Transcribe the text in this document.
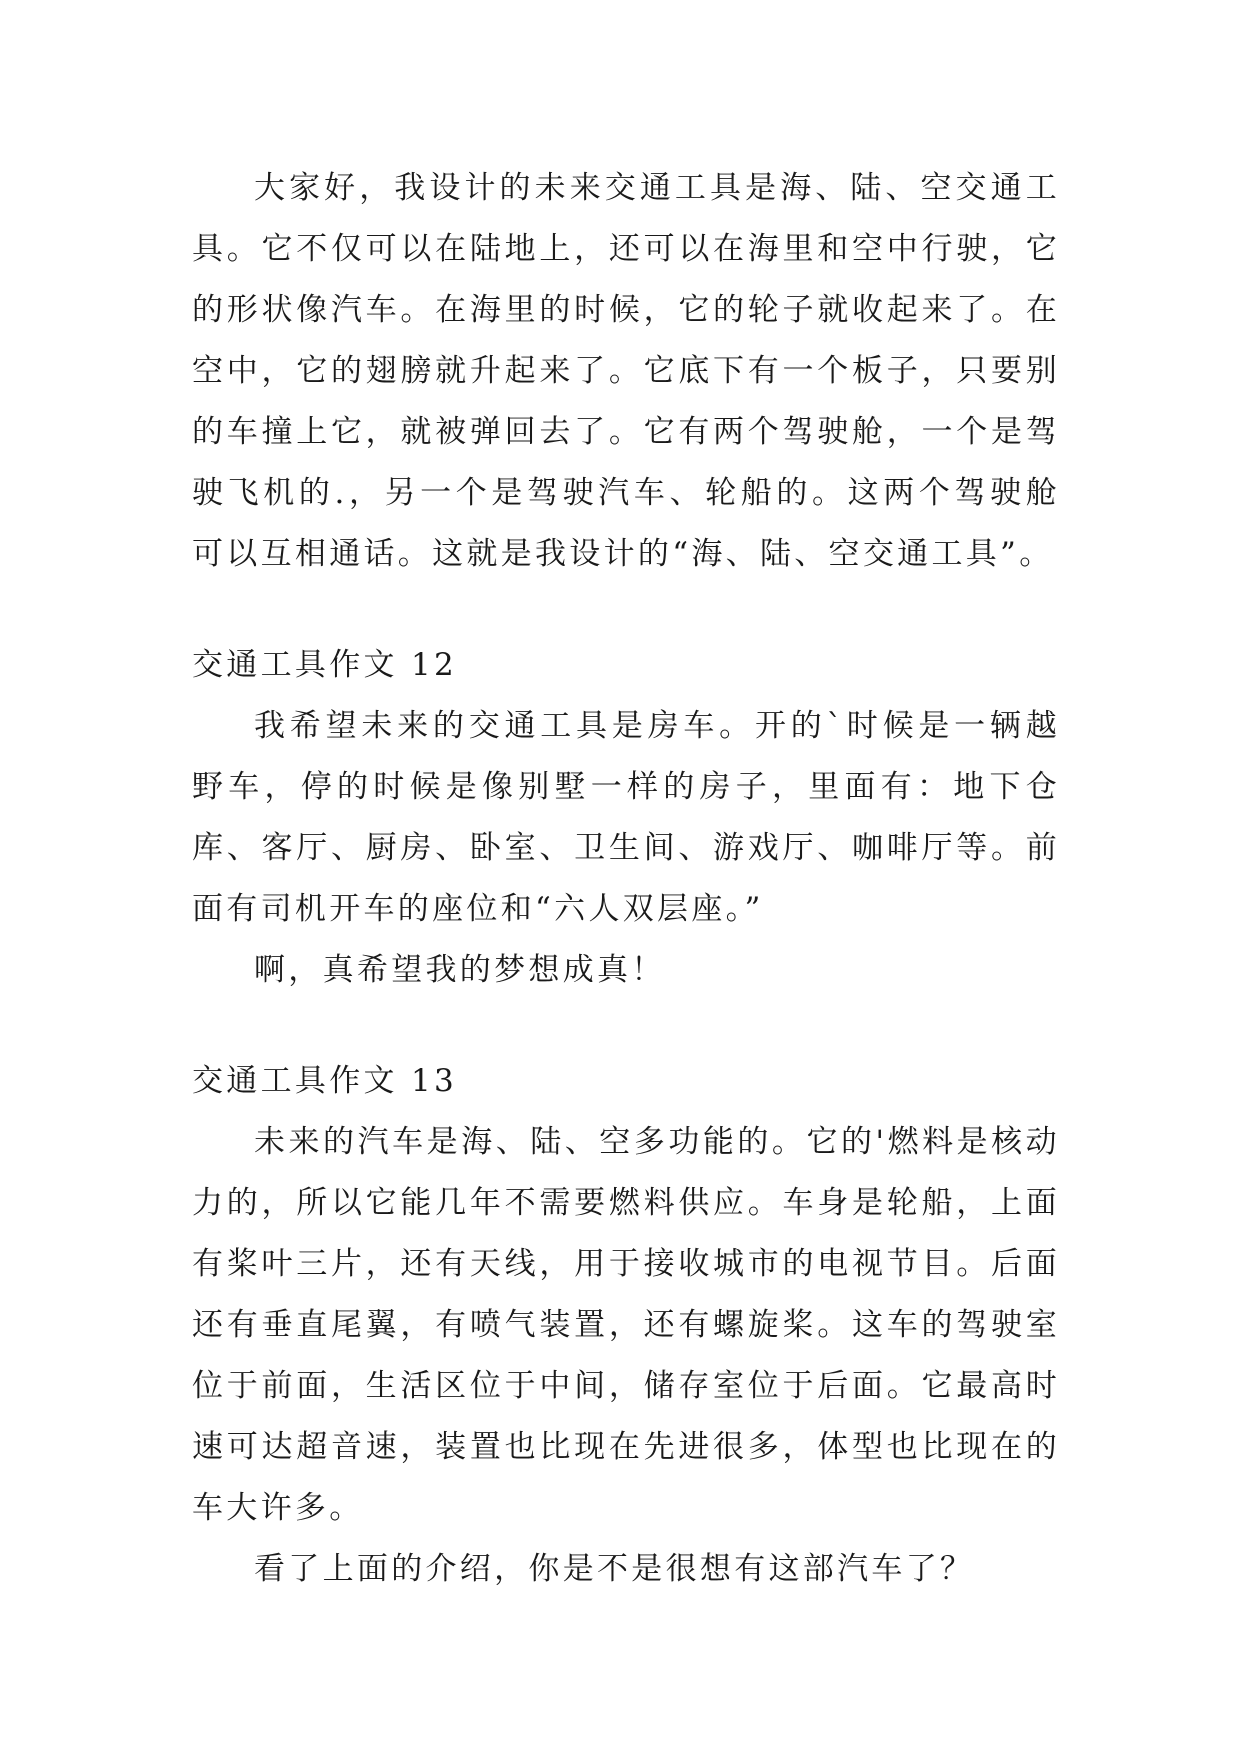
大家好，我设计的未来交通工具是海、陆、空交通工具。它不仅可以在陆地上，还可以在海里和空中行驶，它的形状像汽车。在海里的时候，它的轮子就收起来了。在空中，它的翅膀就升起来了。它底下有一个板子，只要别的车撞上它，就被弹回去了。它有两个驾驶舱，一个是驾驶飞机的.，另一个是驾驶汽车、轮船的。这两个驾驶舱可以互相通话。这就是我设计的“海、陆、空交通工具”。

交通工具作文 12

我希望未来的交通工具是房车。开的`时候是一辆越野车，停的时候是像别墅一样的房子，里面有：地下仓库、客厅、厨房、卧室、卫生间、游戏厅、咖啡厅等。前面有司机开车的座位和“六人双层座。”

啊，真希望我的梦想成真！

交通工具作文 13

未来的汽车是海、陆、空多功能的。它的'燃料是核动力的，所以它能几年不需要燃料供应。车身是轮船，上面有桨叶三片，还有天线，用于接收城市的电视节目。后面还有垂直尾翼，有喷气装置，还有螺旋桨。这车的驾驶室位于前面，生活区位于中间，储存室位于后面。它最高时速可达超音速，装置也比现在先进很多，体型也比现在的车大许多。

看了上面的介绍，你是不是很想有这部汽车了？
